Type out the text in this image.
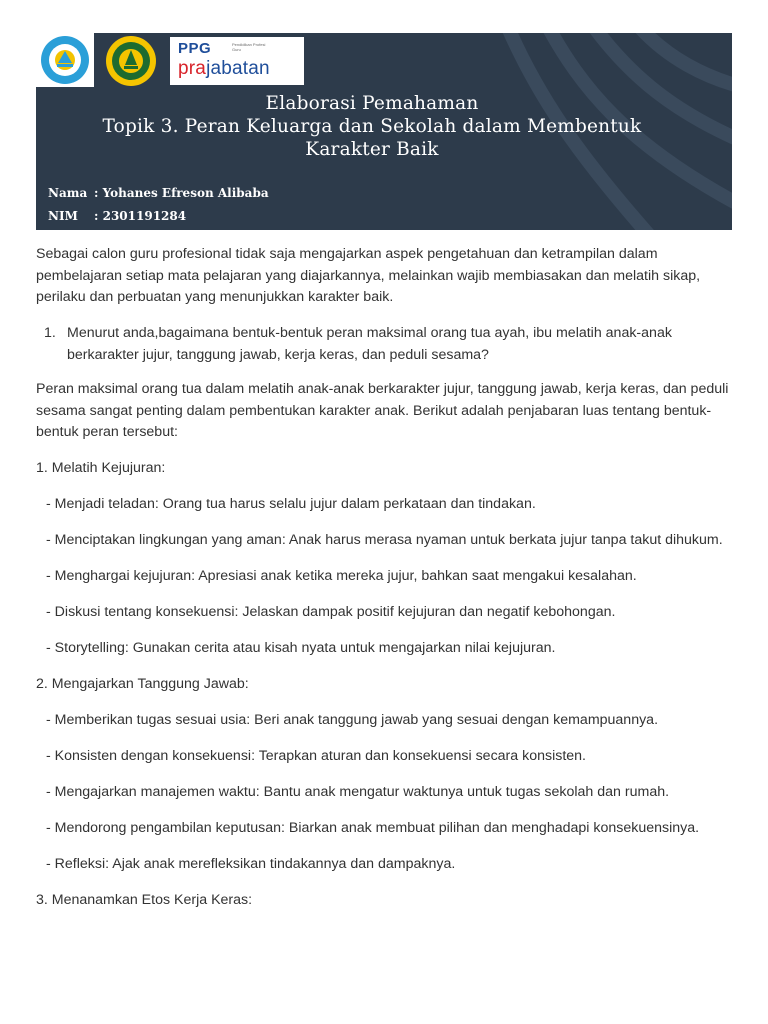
PPG	Pendidikan Profesi Guru
prajabatan
Elaborasi Pemahaman
Topik 3. Peran Keluarga dan Sekolah dalam Membentuk
Karakter Baik
Nama : Yohanes Efreson Alibaba
NIM	: 2301191284

Sebagai calon guru profesional tidak saja mengajarkan aspek pengetahuan dan ketrampilan dalam pembelajaran setiap mata pelajaran yang diajarkannya, melainkan wajib membiasakan dan melatih sikap, perilaku dan perbuatan yang menunjukkan karakter baik.

1. Menurut anda,bagaimana bentuk-bentuk peran maksimal orang tua ayah, ibu melatih anak-anak berkarakter jujur, tanggung jawab, kerja keras, dan peduli sesama?

Peran maksimal orang tua dalam melatih anak-anak berkarakter jujur, tanggung jawab, kerja keras, dan peduli sesama sangat penting dalam pembentukan karakter anak. Berikut adalah penjabaran luas tentang bentuk-bentuk peran tersebut:

1. Melatih Kejujuran:

- Menjadi teladan: Orang tua harus selalu jujur dalam perkataan dan tindakan.

- Menciptakan lingkungan yang aman: Anak harus merasa nyaman untuk berkata jujur tanpa takut dihukum.

- Menghargai kejujuran: Apresiasi anak ketika mereka jujur, bahkan saat mengakui kesalahan.

- Diskusi tentang konsekuensi: Jelaskan dampak positif kejujuran dan negatif kebohongan.

- Storytelling: Gunakan cerita atau kisah nyata untuk mengajarkan nilai kejujuran.

2. Mengajarkan Tanggung Jawab:

- Memberikan tugas sesuai usia: Beri anak tanggung jawab yang sesuai dengan kemampuannya.

- Konsisten dengan konsekuensi: Terapkan aturan dan konsekuensi secara konsisten.

- Mengajarkan manajemen waktu: Bantu anak mengatur waktunya untuk tugas sekolah dan rumah.

- Mendorong pengambilan keputusan: Biarkan anak membuat pilihan dan menghadapi konsekuensinya.

- Refleksi: Ajak anak merefleksikan tindakannya dan dampaknya.

3. Menanamkan Etos Kerja Keras:
